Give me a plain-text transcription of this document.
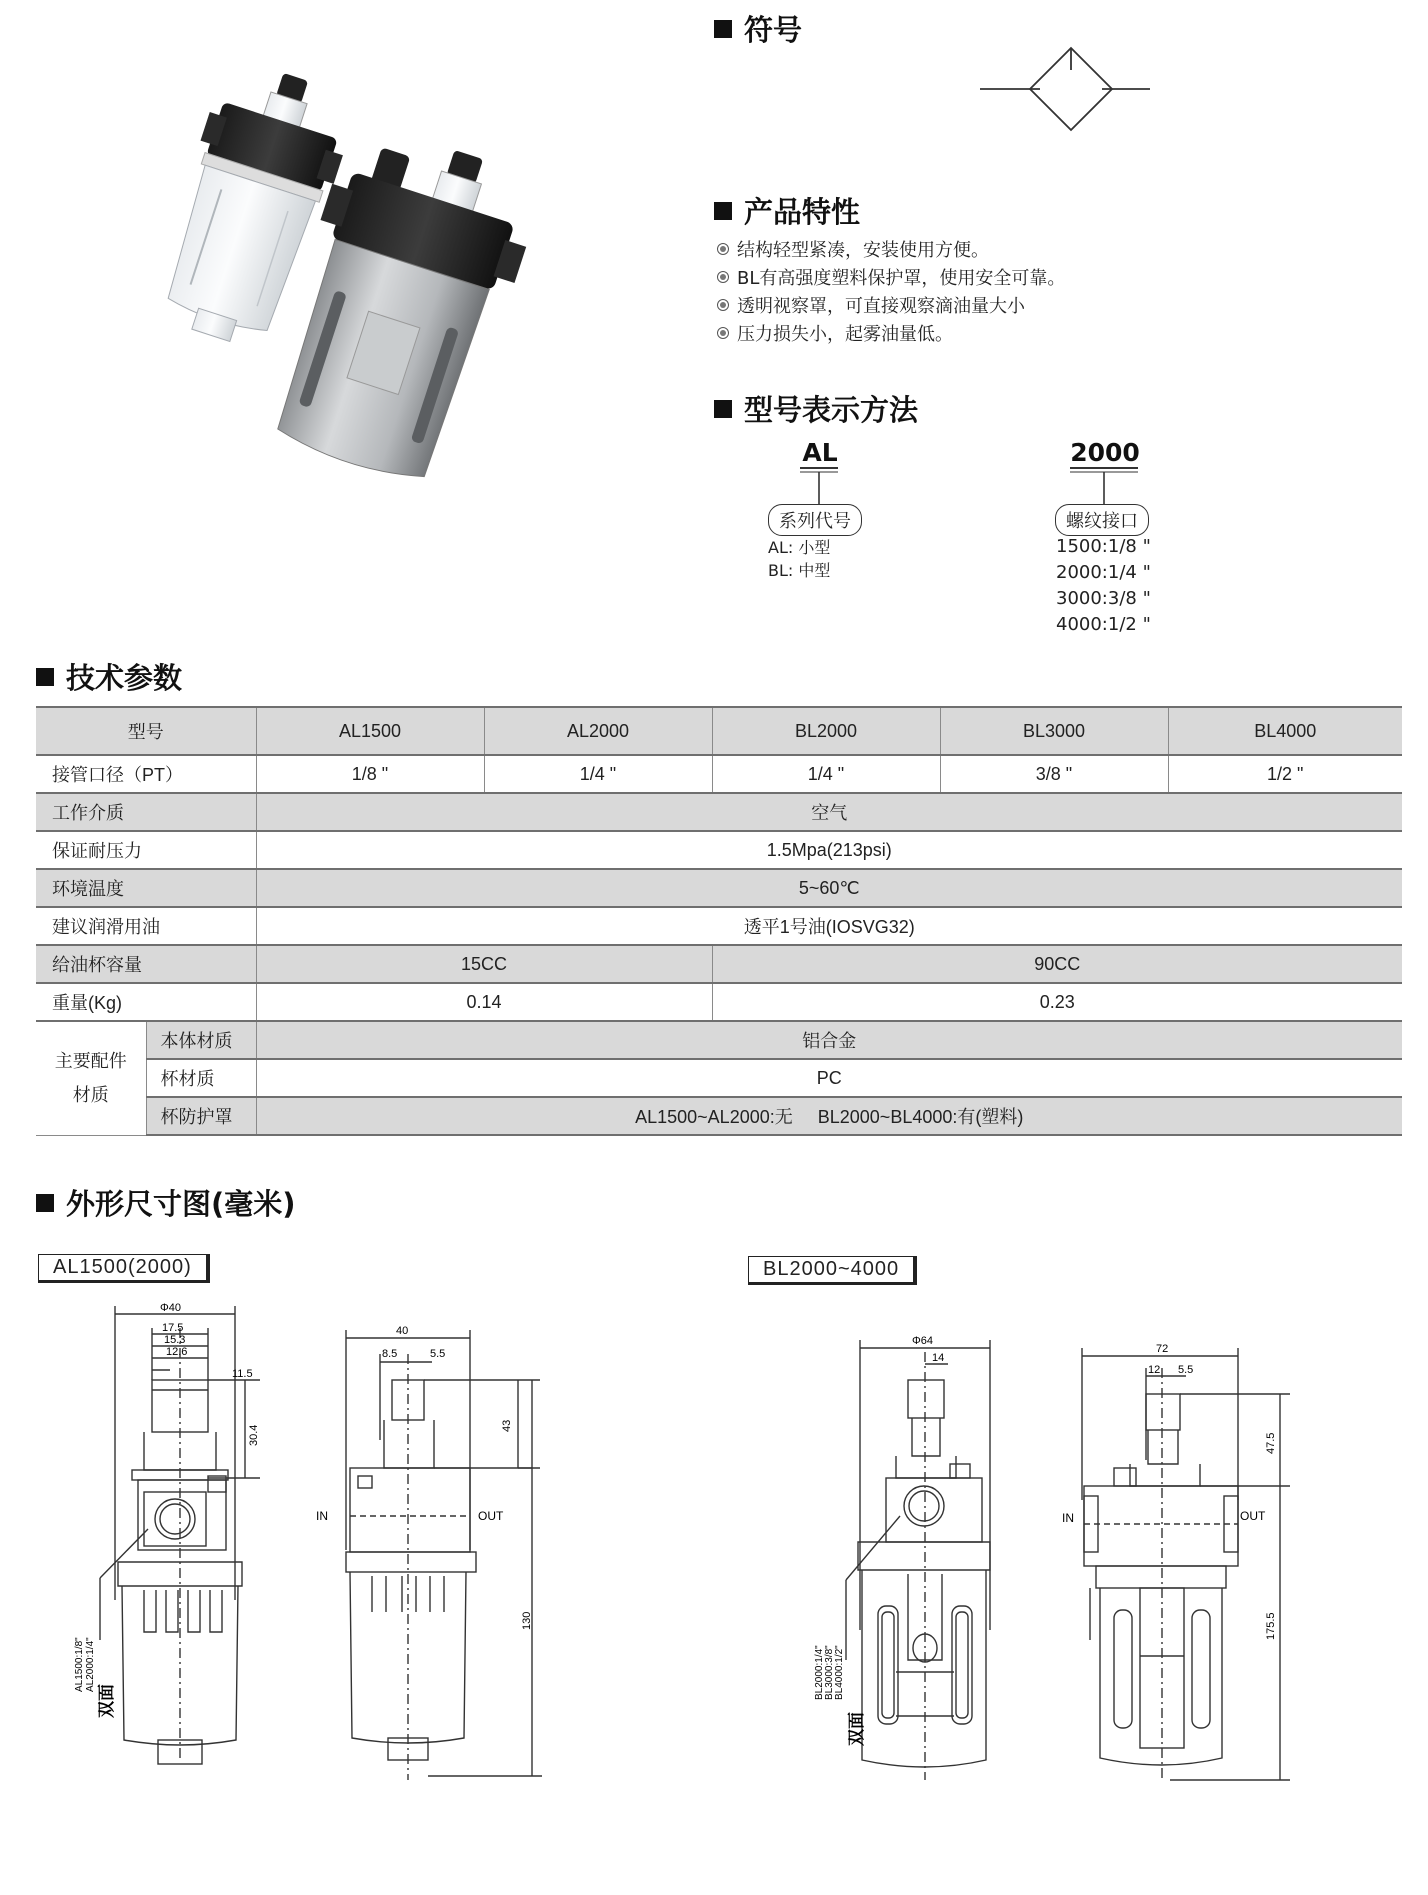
符号
产品特性
结构轻型紧凑，安装使用方便。
BL有高强度塑料保护罩，使用安全可靠。
透明视察罩，可直接观察滴油量大小
压力损失小，起雾油量低。
型号表示方法
AL
系列代号
AL: 小型
BL: 中型
2000
螺纹接口
1500:1/8 "
2000:1/4 "
3000:3/8 "
4000:1/2 "
技术参数
型号		AL1500	AL2000	BL2000	BL3000	BL4000
接管口径（PT）		1/8 "	1/4 "	1/4 "	3/8 "	1/2 "
工作介质		空气				
保证耐压力		1.5Mpa(213psi)				
环境温度		5~60℃				
建议润滑用油		透平1号油(IOSVG32)				
给油杯容量		15CC		90CC		
重量(Kg)		0.14		0.23		
主要配件
材质	本体材质	铝合金				
	杯材质	PC				
	杯防护罩	AL1500~AL2000:无     BL2000~BL4000:有(塑料)				
外形尺寸图(毫米)
AL1500(2000)	BL2000~4000
Φ40
17.5
15.3
12.6
11.5
30.4
AL1500:1/8" AL2000:1/4"
双面
40
8.5	5.5
43
130
IN	OUT
Φ64
14
BL2000:1/4" BL3000:3/8" BL4000:1/2"
双面
72
12 5.5
47.5
175.5
IN	OUT
